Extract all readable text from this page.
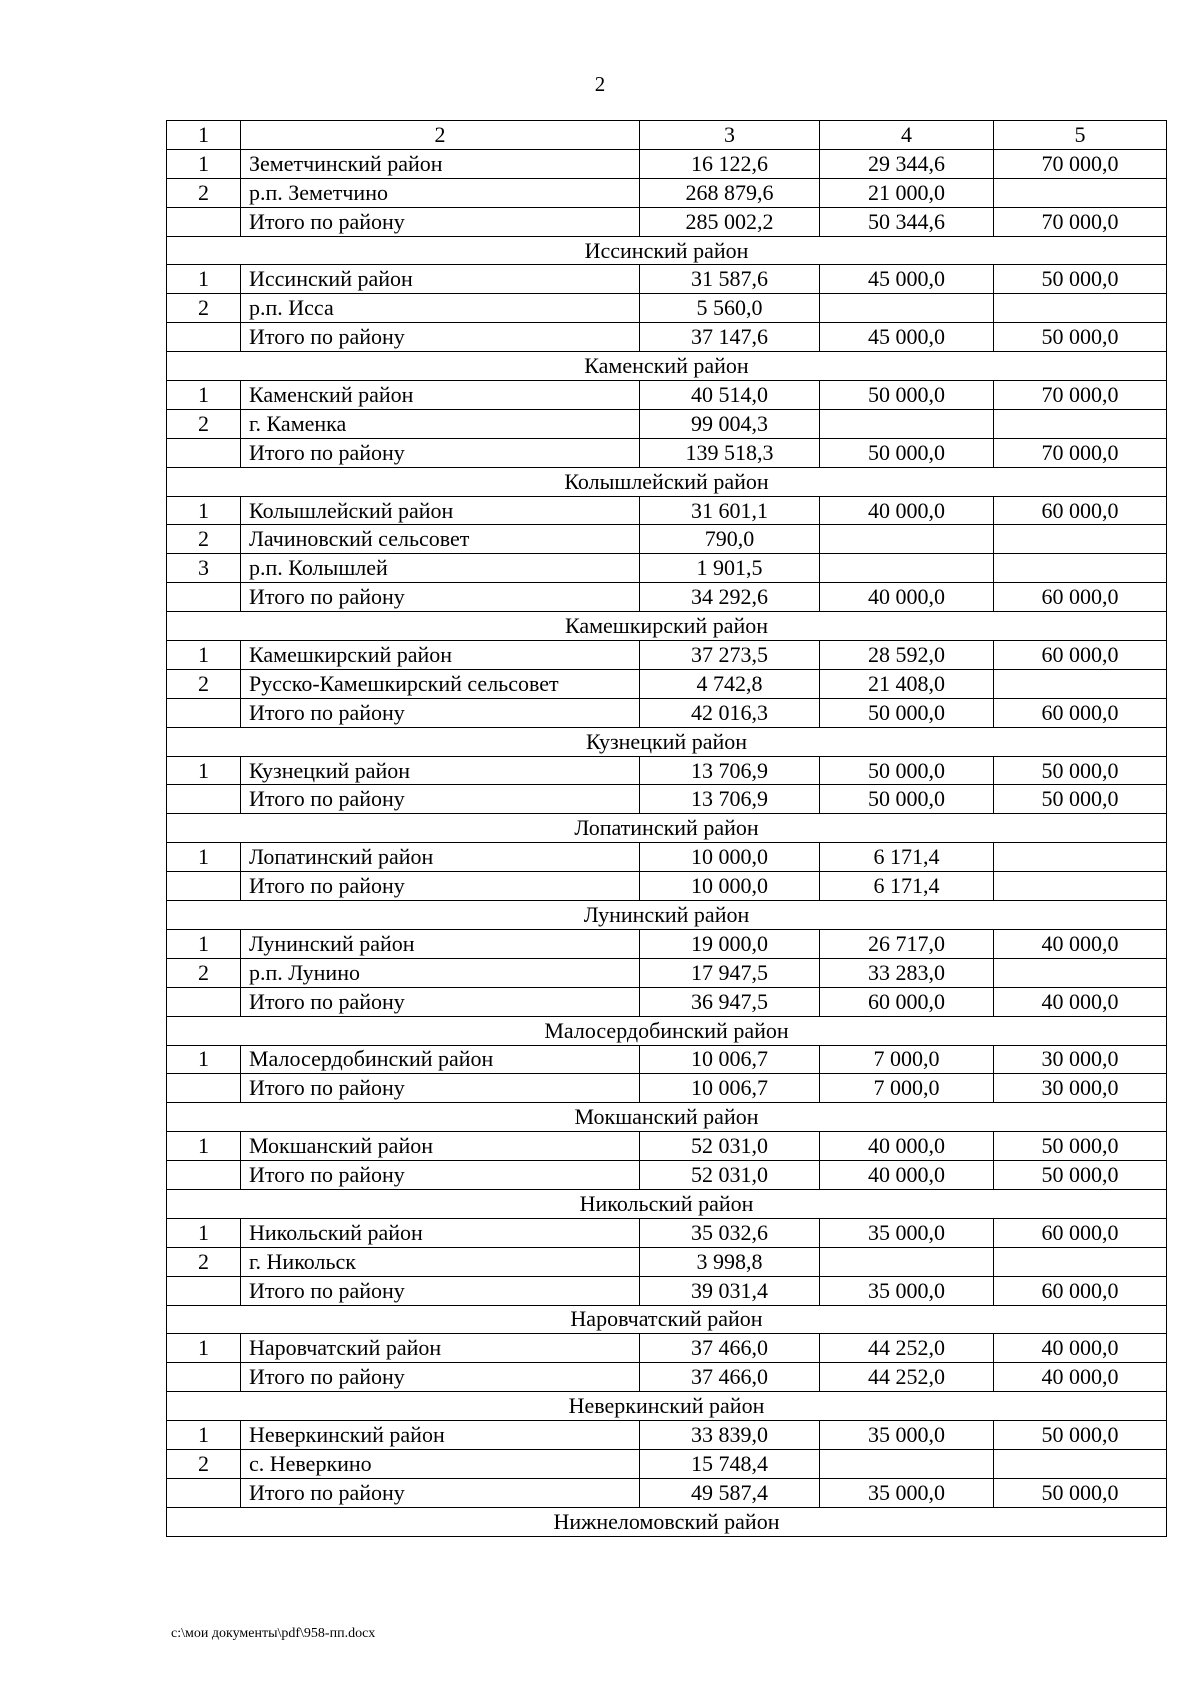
2
1	2	3	4	5
1	Земетчинский район	16 122,6	29 344,6	70 000,0
2	р.п. Земетчино	268 879,6	21 000,0	
	Итого по району	285 002,2	50 344,6	70 000,0
Иссинский район				
1	Иссинский район	31 587,6	45 000,0	50 000,0
2	р.п. Исса	5 560,0		
	Итого по району	37 147,6	45 000,0	50 000,0
Каменский район				
1	Каменский район	40 514,0	50 000,0	70 000,0
2	г. Каменка	99 004,3		
	Итого по району	139 518,3	50 000,0	70 000,0
Колышлейский район				
1	Колышлейский район	31 601,1	40 000,0	60 000,0
2	Лачиновский сельсовет	790,0		
3	р.п. Колышлей	1 901,5		
	Итого по району	34 292,6	40 000,0	60 000,0
Камешкирский район				
1	Камешкирский район	37 273,5	28 592,0	60 000,0
2	Русско-Камешкирский сельсовет	4 742,8	21 408,0	
	Итого по району	42 016,3	50 000,0	60 000,0
Кузнецкий район				
1	Кузнецкий район	13 706,9	50 000,0	50 000,0
	Итого по району	13 706,9	50 000,0	50 000,0
Лопатинский район				
1	Лопатинский район	10 000,0	6 171,4	
	Итого по району	10 000,0	6 171,4	
Лунинский район				
1	Лунинский район	19 000,0	26 717,0	40 000,0
2	р.п. Лунино	17 947,5	33 283,0	
	Итого по району	36 947,5	60 000,0	40 000,0
Малосердобинский район				
1	Малосердобинский район	10 006,7	7 000,0	30 000,0
	Итого по району	10 006,7	7 000,0	30 000,0
Мокшанский район				
1	Мокшанский район	52 031,0	40 000,0	50 000,0
	Итого по району	52 031,0	40 000,0	50 000,0
Никольский район				
1	Никольский район	35 032,6	35 000,0	60 000,0
2	г. Никольск	3 998,8		
	Итого по району	39 031,4	35 000,0	60 000,0
Наровчатский район				
1	Наровчатский район	37 466,0	44 252,0	40 000,0
	Итого по району	37 466,0	44 252,0	40 000,0
Неверкинский район				
1	Неверкинский район	33 839,0	35 000,0	50 000,0
2	с. Неверкино	15 748,4		
	Итого по району	49 587,4	35 000,0	50 000,0
Нижнеломовский район				
c:\мои документы\pdf\958-пп.docx
